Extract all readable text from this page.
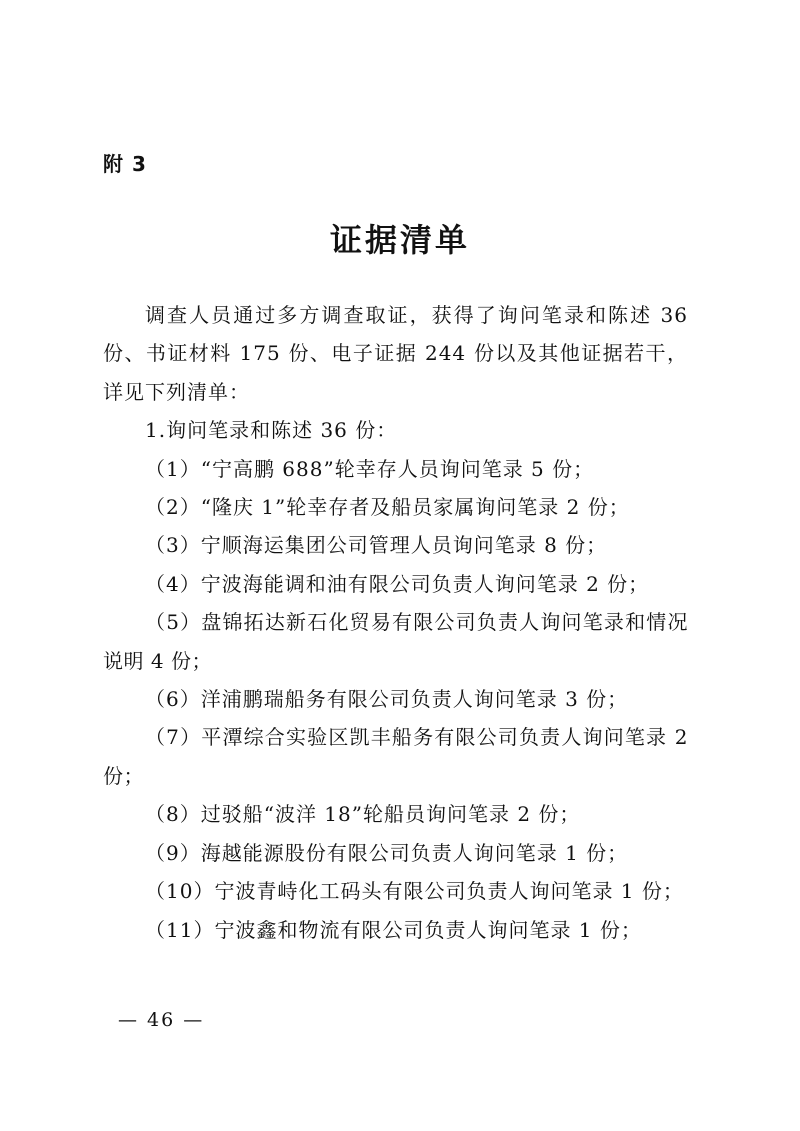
附 3
证据清单

调查人员通过多方调查取证，获得了询问笔录和陈述 36 份、书证材料 175 份、电子证据 244 份以及其他证据若干，详见下列清单：

1.询问笔录和陈述 36 份：

（1）“宁高鹏 688”轮幸存人员询问笔录 5 份；

（2）“隆庆 1”轮幸存者及船员家属询问笔录 2 份；

（3）宁顺海运集团公司管理人员询问笔录 8 份；

（4）宁波海能调和油有限公司负责人询问笔录 2 份；

（5）盘锦拓达新石化贸易有限公司负责人询问笔录和情况说明 4 份；

（6）洋浦鹏瑞船务有限公司负责人询问笔录 3 份；

（7）平潭综合实验区凯丰船务有限公司负责人询问笔录 2 份；

（8）过驳船“波洋 18”轮船员询问笔录 2 份；

（9）海越能源股份有限公司负责人询问笔录 1 份；

（10）宁波青峙化工码头有限公司负责人询问笔录 1 份；

（11）宁波鑫和物流有限公司负责人询问笔录 1 份；

— 46 —
